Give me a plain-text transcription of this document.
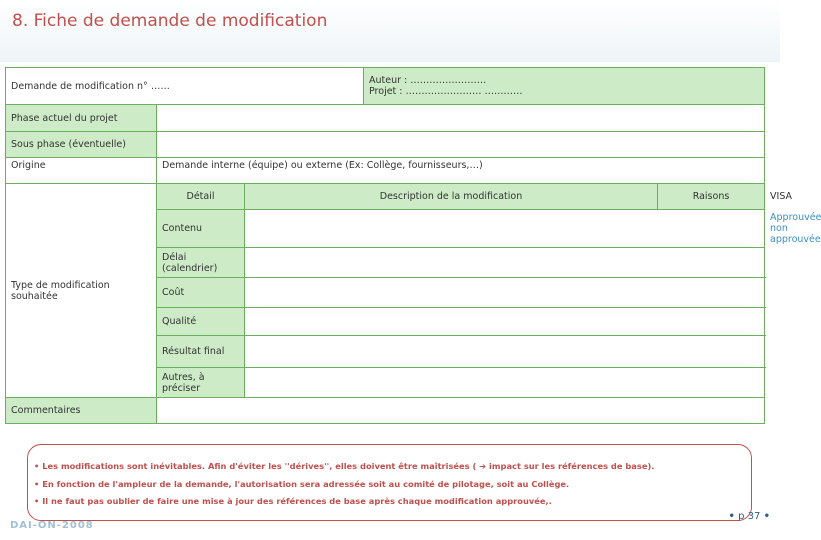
8. Fiche de demande de modification
Demande de modification n° ……			Auteur : ……………………
Projet : …………………… …………		

Phase actuel du projet					
Sous phase (éventuelle)					
Origine	Demande interne (équipe) ou externe (Ex: Collège, fournisseurs,…)				
Type de modification souhaitée	Détail	Description de la modification		Raisons	VISA
	Contenu				Approuvée
non approuvée

	Délai (calendrier)				
	Coût				
	Qualité				
	Résultat final				
	Autres, à préciser				
Commentaires					
• Les modifications sont inévitables. Afin d'éviter les ''dérives'', elles doivent être maîtrisées ( ➔ impact sur les références de base).
• En fonction de l'ampleur de la demande, l'autorisation sera adressée soit au comité de pilotage, soit au Collège.
• Il ne faut pas oublier de faire une mise à jour des références de base après chaque modification approuvée,.
DAI-ON-2008
• p 37 •
